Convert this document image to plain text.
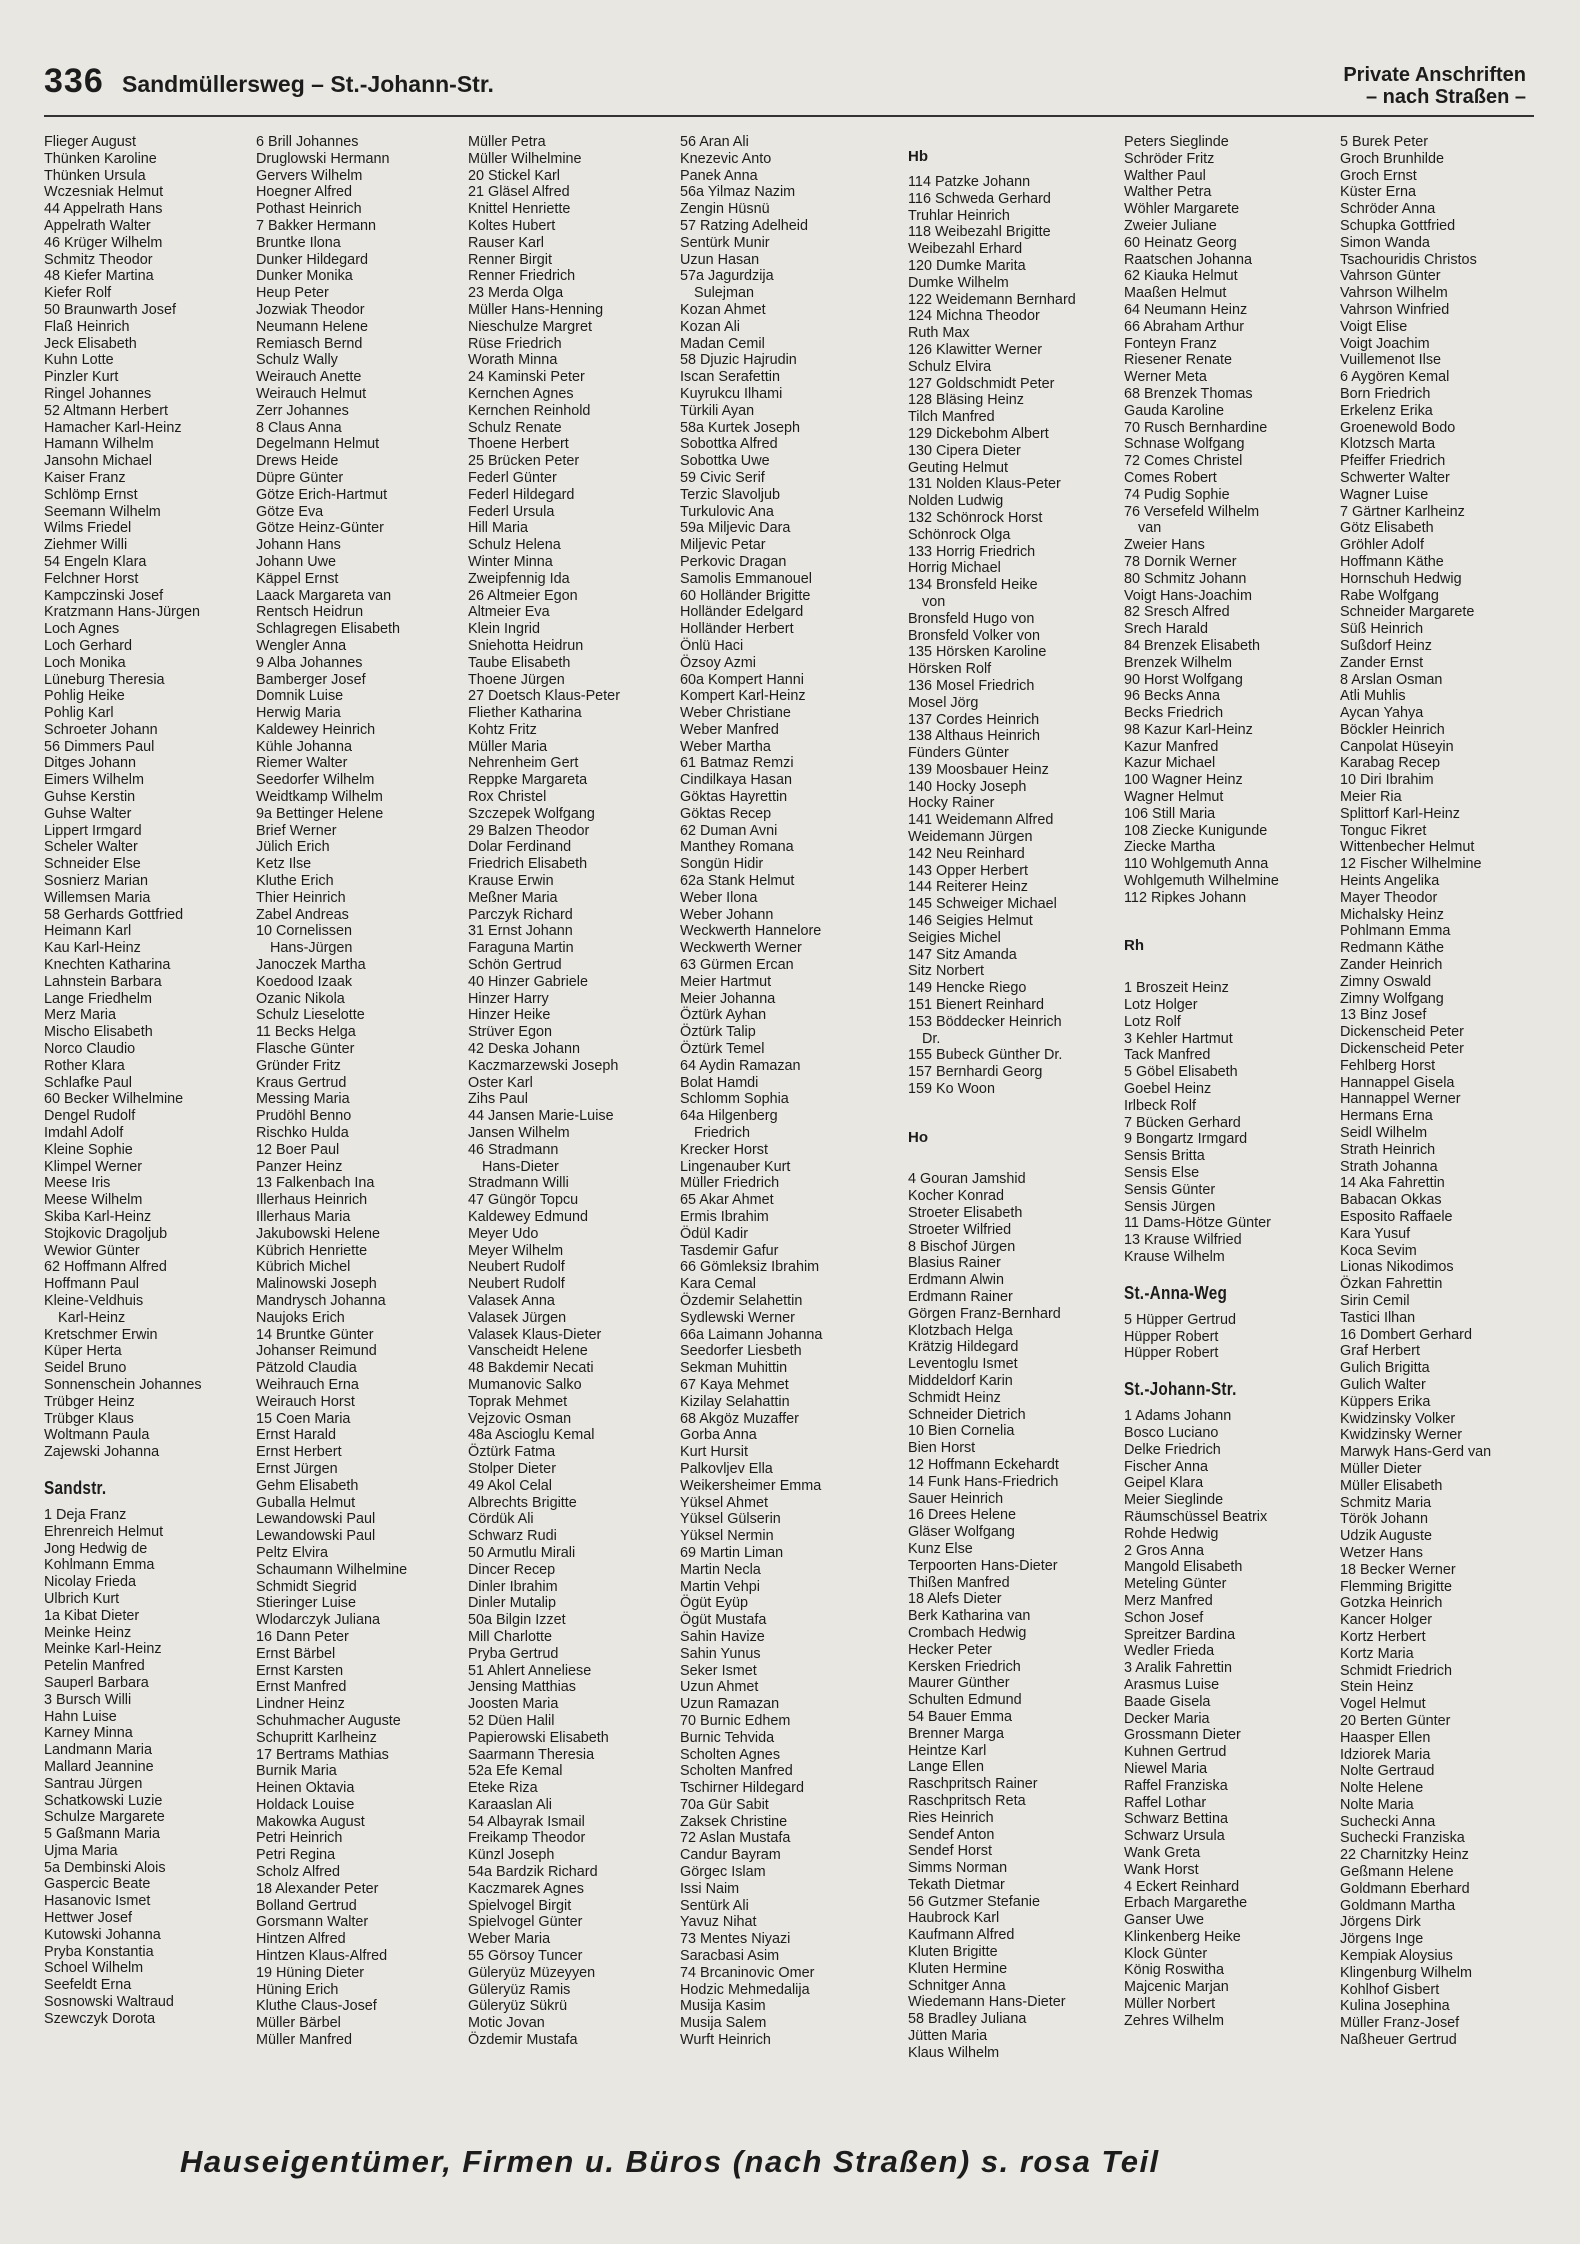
336 Sandmüllersweg – St.-Johann-Str.	Private Anschriften
– nach Straßen –
Flieger August
Thünken Karoline
Thünken Ursula
Wczesniak Helmut
44 Appelrath Hans
Appelrath Walter
46 Krüger Wilhelm
Schmitz Theodor
48 Kiefer Martina
Kiefer Rolf
50 Braunwarth Josef
Flaß Heinrich
Jeck Elisabeth
Kuhn Lotte
Pinzler Kurt
Ringel Johannes
52 Altmann Herbert
Hamacher Karl-Heinz
Hamann Wilhelm
Jansohn Michael
Kaiser Franz
Schlömp Ernst
Seemann Wilhelm
Wilms Friedel
Ziehmer Willi
54 Engeln Klara
Felchner Horst
Kampczinski Josef
Kratzmann Hans-Jürgen
Loch Agnes
Loch Gerhard
Loch Monika
Lüneburg Theresia
Pohlig Heike
Pohlig Karl
Schroeter Johann
56 Dimmers Paul
Ditges Johann
Eimers Wilhelm
Guhse Kerstin
Guhse Walter
Lippert Irmgard
Scheler Walter
Schneider Else
Sosnierz Marian
Willemsen Maria
58 Gerhards Gottfried
Heimann Karl
Kau Karl-Heinz
Knechten Katharina
Lahnstein Barbara
Lange Friedhelm
Merz Maria
Mischo Elisabeth
Norco Claudio
Rother Klara
Schlafke Paul
60 Becker Wilhelmine
Dengel Rudolf
Imdahl Adolf
Kleine Sophie
Klimpel Werner
Meese Iris
Meese Wilhelm
Skiba Karl-Heinz
Stojkovic Dragoljub
Wewior Günter
62 Hoffmann Alfred
Hoffmann Paul
Kleine-Veldhuis
Karl-Heinz
Kretschmer Erwin
Küper Herta
Seidel Bruno
Sonnenschein Johannes
Trübger Heinz
Trübger Klaus
Woltmann Paula
Zajewski Johanna
Sandstr.
1 Deja Franz
Ehrenreich Helmut
Jong Hedwig de
Kohlmann Emma
Nicolay Frieda
Ulbrich Kurt
1a Kibat Dieter
Meinke Heinz
Meinke Karl-Heinz
Petelin Manfred
Sauperl Barbara
3 Bursch Willi
Hahn Luise
Karney Minna
Landmann Maria
Mallard Jeannine
Santrau Jürgen
Schatkowski Luzie
Schulze Margarete
5 Gaßmann Maria
Ujma Maria
5a Dembinski Alois
Gaspercic Beate
Hasanovic Ismet
Hettwer Josef
Kutowski Johanna
Pryba Konstantia
Schoel Wilhelm
Seefeldt Erna
Sosnowski Waltraud
Szewczyk Dorota
6 Brill Johannes
Druglowski Hermann
Gervers Wilhelm
Hoegner Alfred
Pothast Heinrich
7 Bakker Hermann
Bruntke Ilona
Dunker Hildegard
Dunker Monika
Heup Peter
Jozwiak Theodor
Neumann Helene
Remiasch Bernd
Schulz Wally
Weirauch Anette
Weirauch Helmut
Zerr Johannes
8 Claus Anna
Degelmann Helmut
Drews Heide
Düpre Günter
Götze Erich-Hartmut
Götze Eva
Götze Heinz-Günter
Johann Hans
Johann Uwe
Käppel Ernst
Laack Margareta van
Rentsch Heidrun
Schlagregen Elisabeth
Wengler Anna
9 Alba Johannes
Bamberger Josef
Domnik Luise
Herwig Maria
Kaldewey Heinrich
Kühle Johanna
Riemer Walter
Seedorfer Wilhelm
Weidtkamp Wilhelm
9a Bettinger Helene
Brief Werner
Jülich Erich
Ketz Ilse
Kluthe Erich
Thier Heinrich
Zabel Andreas
10 Cornelissen
Hans-Jürgen
Janoczek Martha
Koedood Izaak
Ozanic Nikola
Schulz Lieselotte
11 Becks Helga
Flasche Günter
Gründer Fritz
Kraus Gertrud
Messing Maria
Prudöhl Benno
Rischko Hulda
12 Boer Paul
Panzer Heinz
13 Falkenbach Ina
Illerhaus Heinrich
Illerhaus Maria
Jakubowski Helene
Kübrich Henriette
Kübrich Michel
Malinowski Joseph
Mandrysch Johanna
Naujoks Erich
14 Bruntke Günter
Johanser Reimund
Pätzold Claudia
Weihrauch Erna
Weirauch Horst
15 Coen Maria
Ernst Harald
Ernst Herbert
Ernst Jürgen
Gehm Elisabeth
Guballa Helmut
Lewandowski Paul
Lewandowski Paul
Peltz Elvira
Schaumann Wilhelmine
Schmidt Siegrid
Stieringer Luise
Wlodarczyk Juliana
16 Dann Peter
Ernst Bärbel
Ernst Karsten
Ernst Manfred
Lindner Heinz
Schuhmacher Auguste
Schupritt Karlheinz
17 Bertrams Mathias
Burnik Maria
Heinen Oktavia
Holdack Louise
Makowka August
Petri Heinrich
Petri Regina
Scholz Alfred
18 Alexander Peter
Bolland Gertrud
Gorsmann Walter
Hintzen Alfred
Hintzen Klaus-Alfred
19 Hüning Dieter
Hüning Erich
Kluthe Claus-Josef
Müller Bärbel
Müller Manfred
Müller Petra
Müller Wilhelmine
20 Stickel Karl
21 Gläsel Alfred
Knittel Henriette
Koltes Hubert
Rauser Karl
Renner Birgit
Renner Friedrich
23 Merda Olga
Müller Hans-Henning
Nieschulze Margret
Rüse Friedrich
Worath Minna
24 Kaminski Peter
Kernchen Agnes
Kernchen Reinhold
Schulz Renate
Thoene Herbert
25 Brücken Peter
Federl Günter
Federl Hildegard
Federl Ursula
Hill Maria
Schulz Helena
Winter Minna
Zweipfennig Ida
26 Altmeier Egon
Altmeier Eva
Klein Ingrid
Sniehotta Heidrun
Taube Elisabeth
Thoene Jürgen
27 Doetsch Klaus-Peter
Fliether Katharina
Kohtz Fritz
Müller Maria
Nehrenheim Gert
Reppke Margareta
Rox Christel
Szczepek Wolfgang
29 Balzen Theodor
Dolar Ferdinand
Friedrich Elisabeth
Krause Erwin
Meßner Maria
Parczyk Richard
31 Ernst Johann
Faraguna Martin
Schön Gertrud
40 Hinzer Gabriele
Hinzer Harry
Hinzer Heike
Strüver Egon
42 Deska Johann
Kaczmarzewski Joseph
Oster Karl
Zihs Paul
44 Jansen Marie-Luise
Jansen Wilhelm
46 Stradmann
Hans-Dieter
Stradmann Willi
47 Güngör Topcu
Kaldewey Edmund
Meyer Udo
Meyer Wilhelm
Neubert Rudolf
Neubert Rudolf
Valasek Anna
Valasek Jürgen
Valasek Klaus-Dieter
Vanscheidt Helene
48 Bakdemir Necati
Mumanovic Salko
Toprak Mehmet
Vejzovic Osman
48a Ascioglu Kemal
Öztürk Fatma
Stolper Dieter
49 Akol Celal
Albrechts Brigitte
Cördük Ali
Schwarz Rudi
50 Armutlu Mirali
Dincer Recep
Dinler Ibrahim
Dinler Mutalip
50a Bilgin Izzet
Mill Charlotte
Pryba Gertrud
51 Ahlert Anneliese
Jensing Matthias
Joosten Maria
52 Düen Halil
Papierowski Elisabeth
Saarmann Theresia
52a Efe Kemal
Eteke Riza
Karaaslan Ali
54 Albayrak Ismail
Freikamp Theodor
Künzl Joseph
54a Bardzik Richard
Kaczmarek Agnes
Spielvogel Birgit
Spielvogel Günter
Weber Maria
55 Görsoy Tuncer
Güleryüz Müzeyyen
Güleryüz Ramis
Güleryüz Sükrü
Motic Jovan
Özdemir Mustafa
56 Aran Ali
Knezevic Anto
Panek Anna
56a Yilmaz Nazim
Zengin Hüsnü
57 Ratzing Adelheid
Sentürk Munir
Uzun Hasan
57a Jagurdzija
Sulejman
Kozan Ahmet
Kozan Ali
Madan Cemil
58 Djuzic Hajrudin
Iscan Serafettin
Kuyrukcu Ilhami
Türkili Ayan
58a Kurtek Joseph
Sobottka Alfred
Sobottka Uwe
59 Civic Serif
Terzic Slavoljub
Turkulovic Ana
59a Miljevic Dara
Miljevic Petar
Perkovic Dragan
Samolis Emmanouel
60 Holländer Brigitte
Holländer Edelgard
Holländer Herbert
Önlü Haci
Özsoy Azmi
60a Kompert Hanni
Kompert Karl-Heinz
Weber Christiane
Weber Manfred
Weber Martha
61 Batmaz Remzi
Cindilkaya Hasan
Göktas Hayrettin
Göktas Recep
62 Duman Avni
Manthey Romana
Songün Hidir
62a Stank Helmut
Weber Ilona
Weber Johann
Weckwerth Hannelore
Weckwerth Werner
63 Gürmen Ercan
Meier Hartmut
Meier Johanna
Öztürk Ayhan
Öztürk Talip
Öztürk Temel
64 Aydin Ramazan
Bolat Hamdi
Schlomm Sophia
64a Hilgenberg
Friedrich
Krecker Horst
Lingenauber Kurt
Müller Friedrich
65 Akar Ahmet
Ermis Ibrahim
Ödül Kadir
Tasdemir Gafur
66 Gömleksiz Ibrahim
Kara Cemal
Özdemir Selahettin
Sydlewski Werner
66a Laimann Johanna
Seedorfer Liesbeth
Sekman Muhittin
67 Kaya Mehmet
Kizilay Selahattin
68 Akgöz Muzaffer
Gorba Anna
Kurt Hursit
Palkovljev Ella
Weikersheimer Emma
Yüksel Ahmet
Yüksel Gülserin
Yüksel Nermin
69 Martin Liman
Martin Necla
Martin Vehpi
Ögüt Eyüp
Ögüt Mustafa
Sahin Havize
Sahin Yunus
Seker Ismet
Uzun Ahmet
Uzun Ramazan
70 Burnic Edhem
Burnic Tehvida
Scholten Agnes
Scholten Manfred
Tschirner Hildegard
70a Gür Sabit
Zaksek Christine
72 Aslan Mustafa
Candur Bayram
Görgec Islam
Issi Naim
Sentürk Ali
Yavuz Nihat
73 Mentes Niyazi
Saracbasi Asim
74 Brcaninovic Omer
Hodzic Mehmedalija
Musija Kasim
Musija Salem
Wurft Heinrich
Hb
114 Patzke Johann
116 Schweda Gerhard
Truhlar Heinrich
118 Weibezahl Brigitte
Weibezahl Erhard
120 Dumke Marita
Dumke Wilhelm
122 Weidemann Bernhard
124 Michna Theodor
Ruth Max
126 Klawitter Werner
Schulz Elvira
127 Goldschmidt Peter
128 Bläsing Heinz
Tilch Manfred
129 Dickebohm Albert
130 Cipera Dieter
Geuting Helmut
131 Nolden Klaus-Peter
Nolden Ludwig
132 Schönrock Horst
Schönrock Olga
133 Horrig Friedrich
Horrig Michael
134 Bronsfeld Heike
von
Bronsfeld Hugo von
Bronsfeld Volker von
135 Hörsken Karoline
Hörsken Rolf
136 Mosel Friedrich
Mosel Jörg
137 Cordes Heinrich
138 Althaus Heinrich
Fünders Günter
139 Moosbauer Heinz
140 Hocky Joseph
Hocky Rainer
141 Weidemann Alfred
Weidemann Jürgen
142 Neu Reinhard
143 Opper Herbert
144 Reiterer Heinz
145 Schweiger Michael
146 Seigies Helmut
Seigies Michel
147 Sitz Amanda
Sitz Norbert
149 Hencke Riego
151 Bienert Reinhard
153 Böddecker Heinrich
Dr.
155 Bubeck Günther Dr.
157 Bernhardi Georg
159 Ko Woon
Ho
4 Gouran Jamshid
Kocher Konrad
Stroeter Elisabeth
Stroeter Wilfried
8 Bischof Jürgen
Blasius Rainer
Erdmann Alwin
Erdmann Rainer
Görgen Franz-Bernhard
Klotzbach Helga
Krätzig Hildegard
Leventoglu Ismet
Middeldorf Karin
Schmidt Heinz
Schneider Dietrich
10 Bien Cornelia
Bien Horst
12 Hoffmann Eckehardt
14 Funk Hans-Friedrich
Sauer Heinrich
16 Drees Helene
Gläser Wolfgang
Kunz Else
Terpoorten Hans-Dieter
Thißen Manfred
18 Alefs Dieter
Berk Katharina van
Crombach Hedwig
Hecker Peter
Kersken Friedrich
Maurer Günther
Schulten Edmund
54 Bauer Emma
Brenner Marga
Heintze Karl
Lange Ellen
Raschpritsch Rainer
Raschpritsch Reta
Ries Heinrich
Sendef Anton
Sendef Horst
Simms Norman
Tekath Dietmar
56 Gutzmer Stefanie
Haubrock Karl
Kaufmann Alfred
Kluten Brigitte
Kluten Hermine
Schnitger Anna
Wiedemann Hans-Dieter
58 Bradley Juliana
Jütten Maria
Klaus Wilhelm
Peters Sieglinde
Schröder Fritz
Walther Paul
Walther Petra
Wöhler Margarete
Zweier Juliane
60 Heinatz Georg
Raatschen Johanna
62 Kiauka Helmut
Maaßen Helmut
64 Neumann Heinz
66 Abraham Arthur
Fonteyn Franz
Riesener Renate
Werner Meta
68 Brenzek Thomas
Gauda Karoline
70 Rusch Bernhardine
Schnase Wolfgang
72 Comes Christel
Comes Robert
74 Pudig Sophie
76 Versefeld Wilhelm
van
Zweier Hans
78 Dornik Werner
80 Schmitz Johann
Voigt Hans-Joachim
82 Sresch Alfred
Srech Harald
84 Brenzek Elisabeth
Brenzek Wilhelm
90 Horst Wolfgang
96 Becks Anna
Becks Friedrich
98 Kazur Karl-Heinz
Kazur Manfred
Kazur Michael
100 Wagner Heinz
Wagner Helmut
106 Still Maria
108 Ziecke Kunigunde
Ziecke Martha
110 Wohlgemuth Anna
Wohlgemuth Wilhelmine
112 Ripkes Johann
Rh
1 Broszeit Heinz
Lotz Holger
Lotz Rolf
3 Kehler Hartmut
Tack Manfred
5 Göbel Elisabeth
Goebel Heinz
Irlbeck Rolf
7 Bücken Gerhard
9 Bongartz Irmgard
Sensis Britta
Sensis Else
Sensis Günter
Sensis Jürgen
11 Dams-Hötze Günter
13 Krause Wilfried
Krause Wilhelm
St.-Anna-Weg
5 Hüpper Gertrud
Hüpper Robert
Hüpper Robert
St.-Johann-Str.
1 Adams Johann
Bosco Luciano
Delke Friedrich
Fischer Anna
Geipel Klara
Meier Sieglinde
Räumschüssel Beatrix
Rohde Hedwig
2 Gros Anna
Mangold Elisabeth
Meteling Günter
Merz Manfred
Schon Josef
Spreitzer Bardina
Wedler Frieda
3 Aralik Fahrettin
Arasmus Luise
Baade Gisela
Decker Maria
Grossmann Dieter
Kuhnen Gertrud
Niewel Maria
Raffel Franziska
Raffel Lothar
Schwarz Bettina
Schwarz Ursula
Wank Greta
Wank Horst
4 Eckert Reinhard
Erbach Margarethe
Ganser Uwe
Klinkenberg Heike
Klock Günter
König Roswitha
Majcenic Marjan
Müller Norbert
Zehres Wilhelm
5 Burek Peter
Groch Brunhilde
Groch Ernst
Küster Erna
Schröder Anna
Schupka Gottfried
Simon Wanda
Tsachouridis Christos
Vahrson Günter
Vahrson Wilhelm
Vahrson Winfried
Voigt Elise
Voigt Joachim
Vuillemenot Ilse
6 Aygören Kemal
Born Friedrich
Erkelenz Erika
Groenewold Bodo
Klotzsch Marta
Pfeiffer Friedrich
Schwerter Walter
Wagner Luise
7 Gärtner Karlheinz
Götz Elisabeth
Gröhler Adolf
Hoffmann Käthe
Hornschuh Hedwig
Rabe Wolfgang
Schneider Margarete
Süß Heinrich
Sußdorf Heinz
Zander Ernst
8 Arslan Osman
Atli Muhlis
Aycan Yahya
Böckler Heinrich
Canpolat Hüseyin
Karabag Recep
10 Diri Ibrahim
Meier Ria
Splittorf Karl-Heinz
Tonguc Fikret
Wittenbecher Helmut
12 Fischer Wilhelmine
Heints Angelika
Mayer Theodor
Michalsky Heinz
Pohlmann Emma
Redmann Käthe
Zander Heinrich
Zimny Oswald
Zimny Wolfgang
13 Binz Josef
Dickenscheid Peter
Dickenscheid Peter
Fehlberg Horst
Hannappel Gisela
Hannappel Werner
Hermans Erna
Seidl Wilhelm
Strath Heinrich
Strath Johanna
14 Aka Fahrettin
Babacan Okkas
Esposito Raffaele
Kara Yusuf
Koca Sevim
Lionas Nikodimos
Özkan Fahrettin
Sirin Cemil
Tastici Ilhan
16 Dombert Gerhard
Graf Herbert
Gulich Brigitta
Gulich Walter
Küppers Erika
Kwidzinsky Volker
Kwidzinsky Werner
Marwyk Hans-Gerd van
Müller Dieter
Müller Elisabeth
Schmitz Maria
Török Johann
Udzik Auguste
Wetzer Hans
18 Becker Werner
Flemming Brigitte
Gotzka Heinrich
Kancer Holger
Kortz Herbert
Kortz Maria
Schmidt Friedrich
Stein Heinz
Vogel Helmut
20 Berten Günter
Haasper Ellen
Idziorek Maria
Nolte Gertraud
Nolte Helene
Nolte Maria
Suchecki Anna
Suchecki Franziska
22 Charnitzky Heinz
Geßmann Helene
Goldmann Eberhard
Goldmann Martha
Jörgens Dirk
Jörgens Inge
Kempiak Aloysius
Klingenburg Wilhelm
Kohlhof Gisbert
Kulina Josephina
Müller Franz-Josef
Naßheuer Gertrud
Hauseigentümer, Firmen u. Büros (nach Straßen) s. rosa Teil
